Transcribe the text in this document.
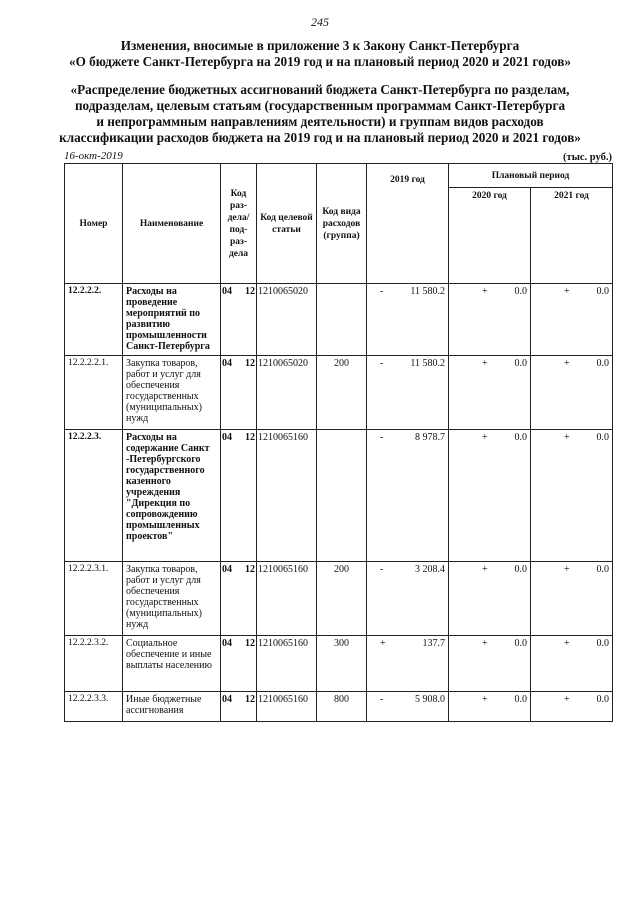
245
Изменения, вносимые в приложение 3 к Закону Санкт-Петербурга
«О бюджете Санкт-Петербурга на 2019 год и на плановый период 2020 и 2021 годов»
«Распределение бюджетных ассигнований бюджета Санкт-Петербурга по разделам,
подразделам, целевым статьям (государственным программам Санкт-Петербурга
и непрограммным направлениям деятельности) и группам видов расходов
классификации расходов бюджета на 2019 год и на плановый период 2020 и 2021 годов»
16-окт-2019	(тыс. руб.)
Номер	Наименование	Код раз-дела/ под-раз-дела	Код целевой статьи	Код вида расходов (группа)	2019 год	Плановый период	
						2020 год	2021 год
12.2.2.2.	Расходы на проведение мероприятий по развитию промышленности Санкт-Петербурга	04 12	1210065020		- 11 580.2	+ 0.0	+ 0.0
12.2.2.2.1.	Закупка товаров, работ и услуг для обеспечения государственных (муниципальных) нужд	04 12	1210065020	200	- 11 580.2	+ 0.0	+ 0.0
12.2.2.3.	Расходы на содержание Санкт -Петербургского государственного казенного учреждения "Дирекция по сопровождению промышленных проектов"	04 12	1210065160		- 8 978.7	+ 0.0	+ 0.0
12.2.2.3.1.	Закупка товаров, работ и услуг для обеспечения государственных (муниципальных) нужд	04 12	1210065160	200	- 3 208.4	+ 0.0	+ 0.0
12.2.2.3.2.	Социальное обеспечение и иные выплаты населению	04 12	1210065160	300	+ 137.7	+ 0.0	+ 0.0
12.2.2.3.3.	Иные бюджетные ассигнования	04 12	1210065160	800	- 5 908.0	+ 0.0	+ 0.0
